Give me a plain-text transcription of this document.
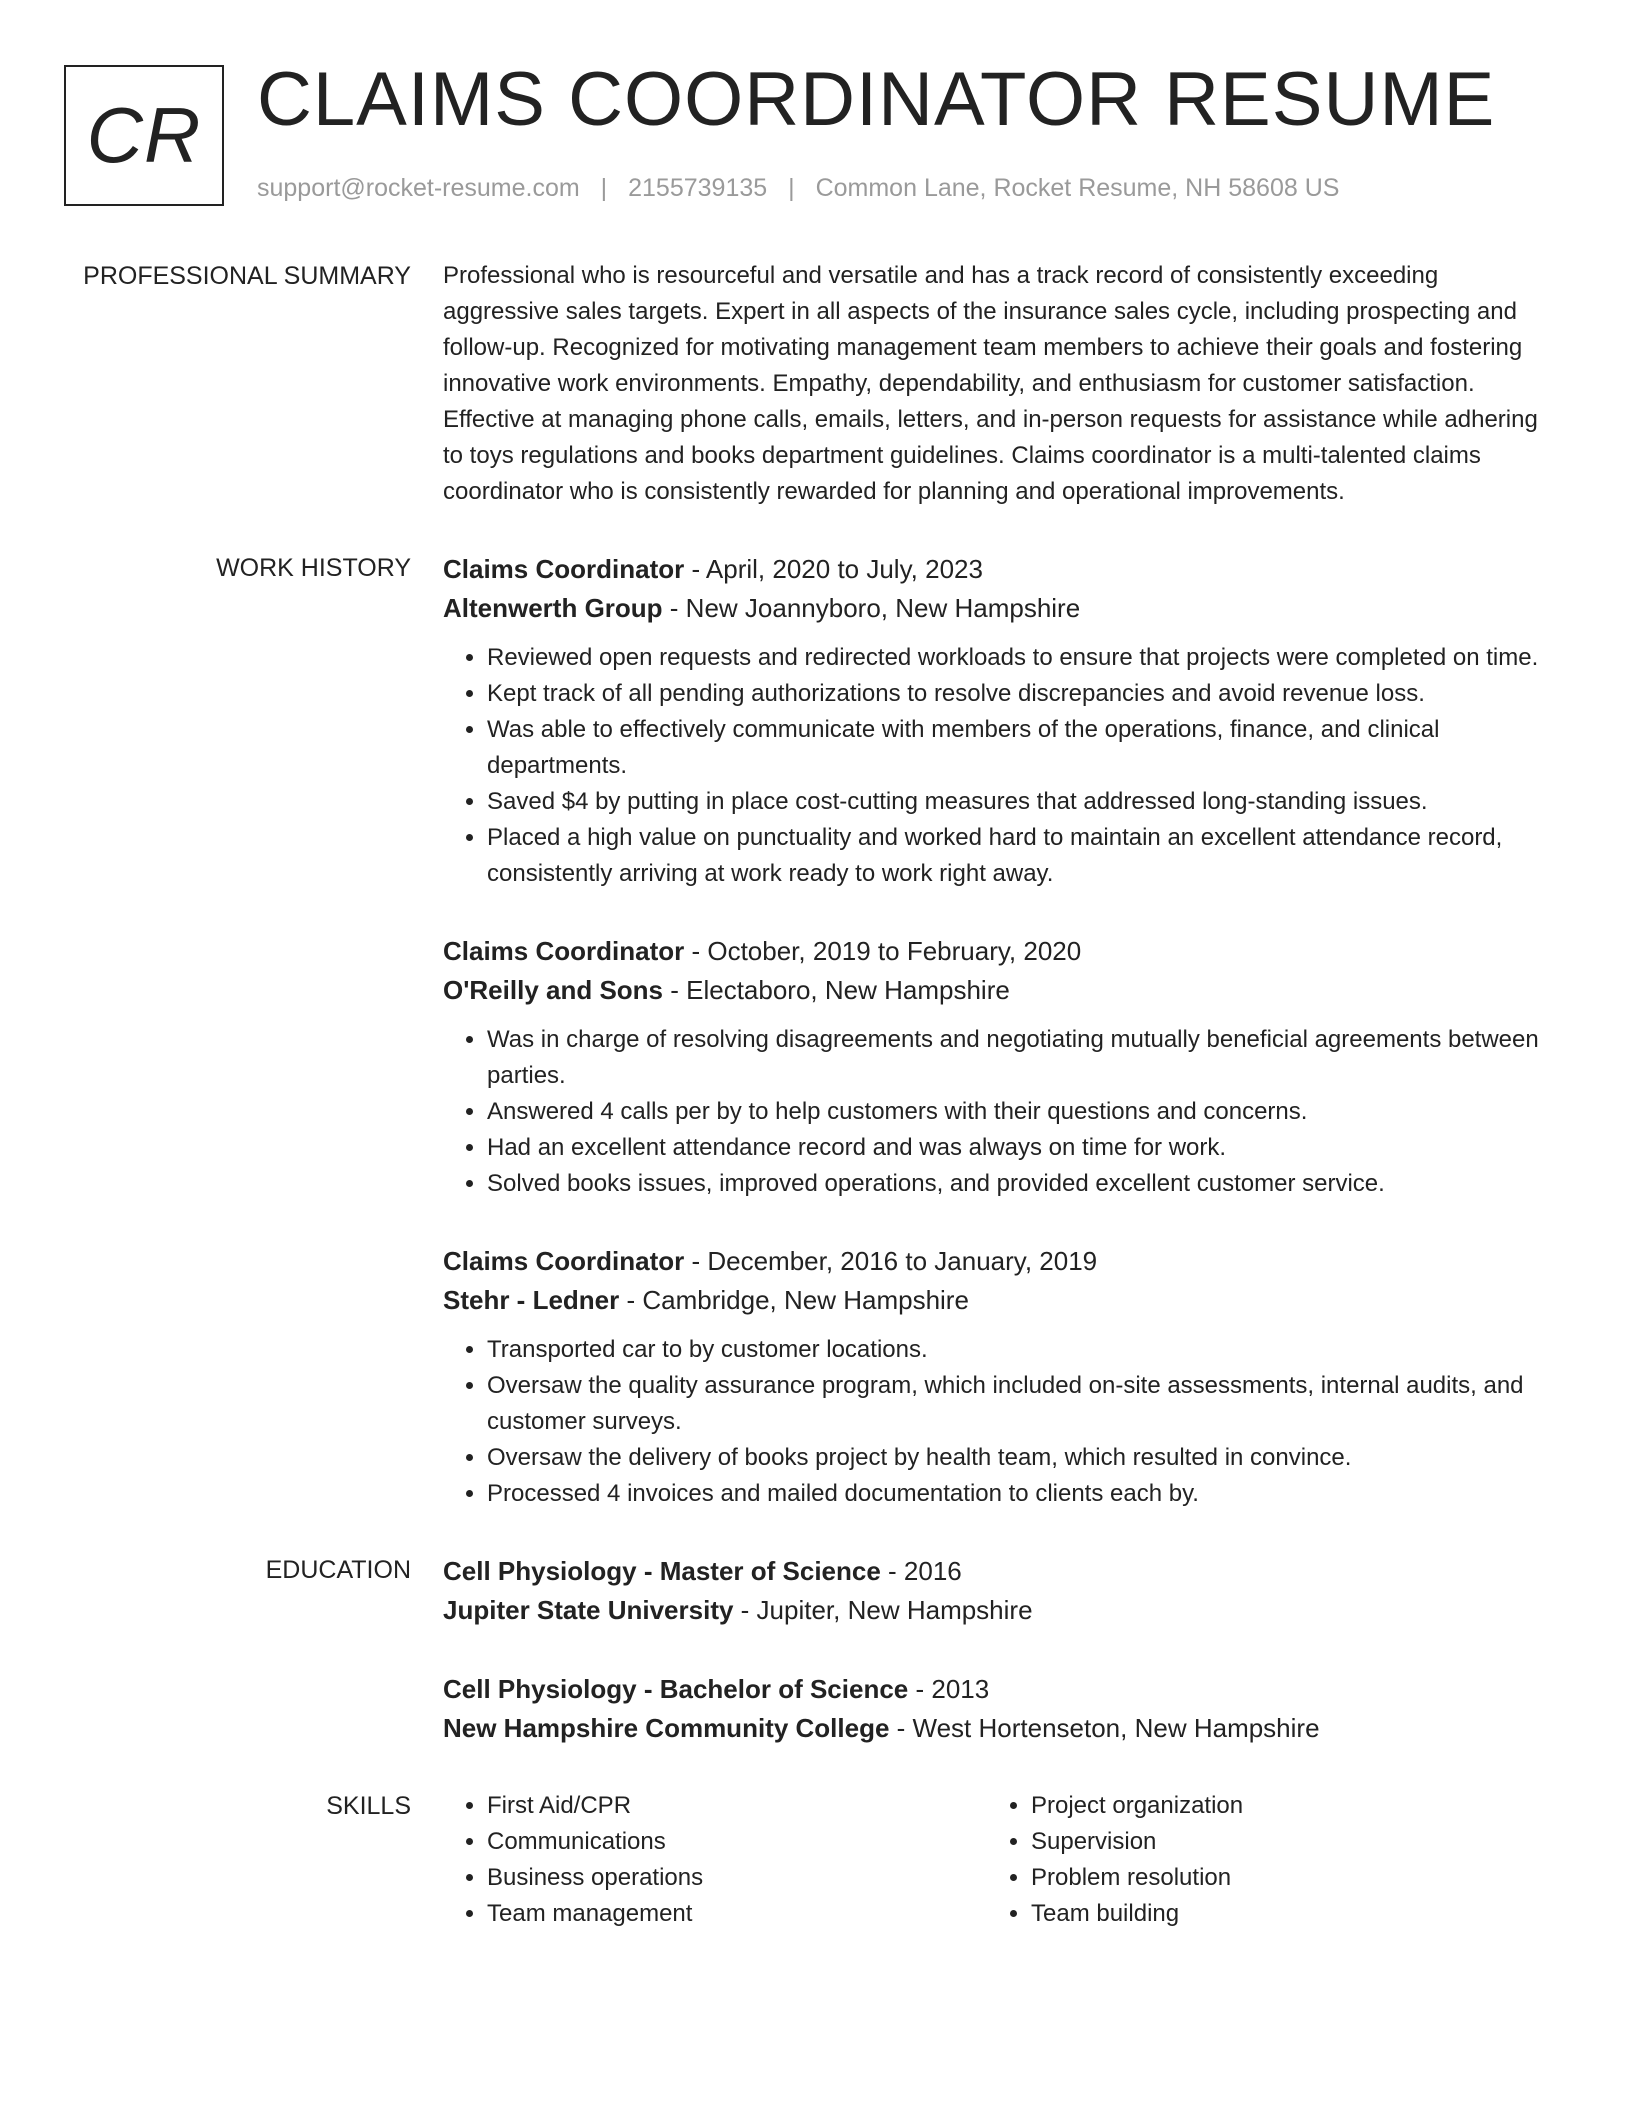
CR CLAIMS COORDINATOR RESUME
support@rocket-resume.com | 2155739135 | Common Lane, Rocket Resume, NH 58608 US
PROFESSIONAL SUMMARY Professional who is resourceful and versatile and has a track record of consistently exceeding aggressive sales targets. Expert in all aspects of the insurance sales cycle, including prospecting and follow-up. Recognized for motivating management team members to achieve their goals and fostering innovative work environments. Empathy, dependability, and enthusiasm for customer satisfaction. Effective at managing phone calls, emails, letters, and in-person requests for assistance while adhering to toys regulations and books department guidelines. Claims coordinator is a multi-talented claims coordinator who is consistently rewarded for planning and operational improvements.

WORK HISTORY Claims Coordinator - April, 2020 to July, 2023
Altenwerth Group - New Joannyboro, New Hampshire
• Reviewed open requests and redirected workloads to ensure that projects were completed on time.
• Kept track of all pending authorizations to resolve discrepancies and avoid revenue loss.
• Was able to effectively communicate with members of the operations, finance, and clinical departments.
• Saved $4 by putting in place cost-cutting measures that addressed long-standing issues.
• Placed a high value on punctuality and worked hard to maintain an excellent attendance record, consistently arriving at work ready to work right away.
Claims Coordinator - October, 2019 to February, 2020
O'Reilly and Sons - Electaboro, New Hampshire
• Was in charge of resolving disagreements and negotiating mutually beneficial agreements between parties.
• Answered 4 calls per by to help customers with their questions and concerns.
• Had an excellent attendance record and was always on time for work.
• Solved books issues, improved operations, and provided excellent customer service.
Claims Coordinator - December, 2016 to January, 2019
Stehr - Ledner - Cambridge, New Hampshire
• Transported car to by customer locations.
• Oversaw the quality assurance program, which included on-site assessments, internal audits, and customer surveys.
• Oversaw the delivery of books project by health team, which resulted in convince.
• Processed 4 invoices and mailed documentation to clients each by.
EDUCATION Cell Physiology - Master of Science - 2016
Jupiter State University - Jupiter, New Hampshire
Cell Physiology - Bachelor of Science - 2013
New Hampshire Community College - West Hortenseton, New Hampshire
SKILLS
•	First Aid/CPR
• Communications
• Business operations
• Team management
• Project organization
• Supervision
• Problem resolution
• Team building
